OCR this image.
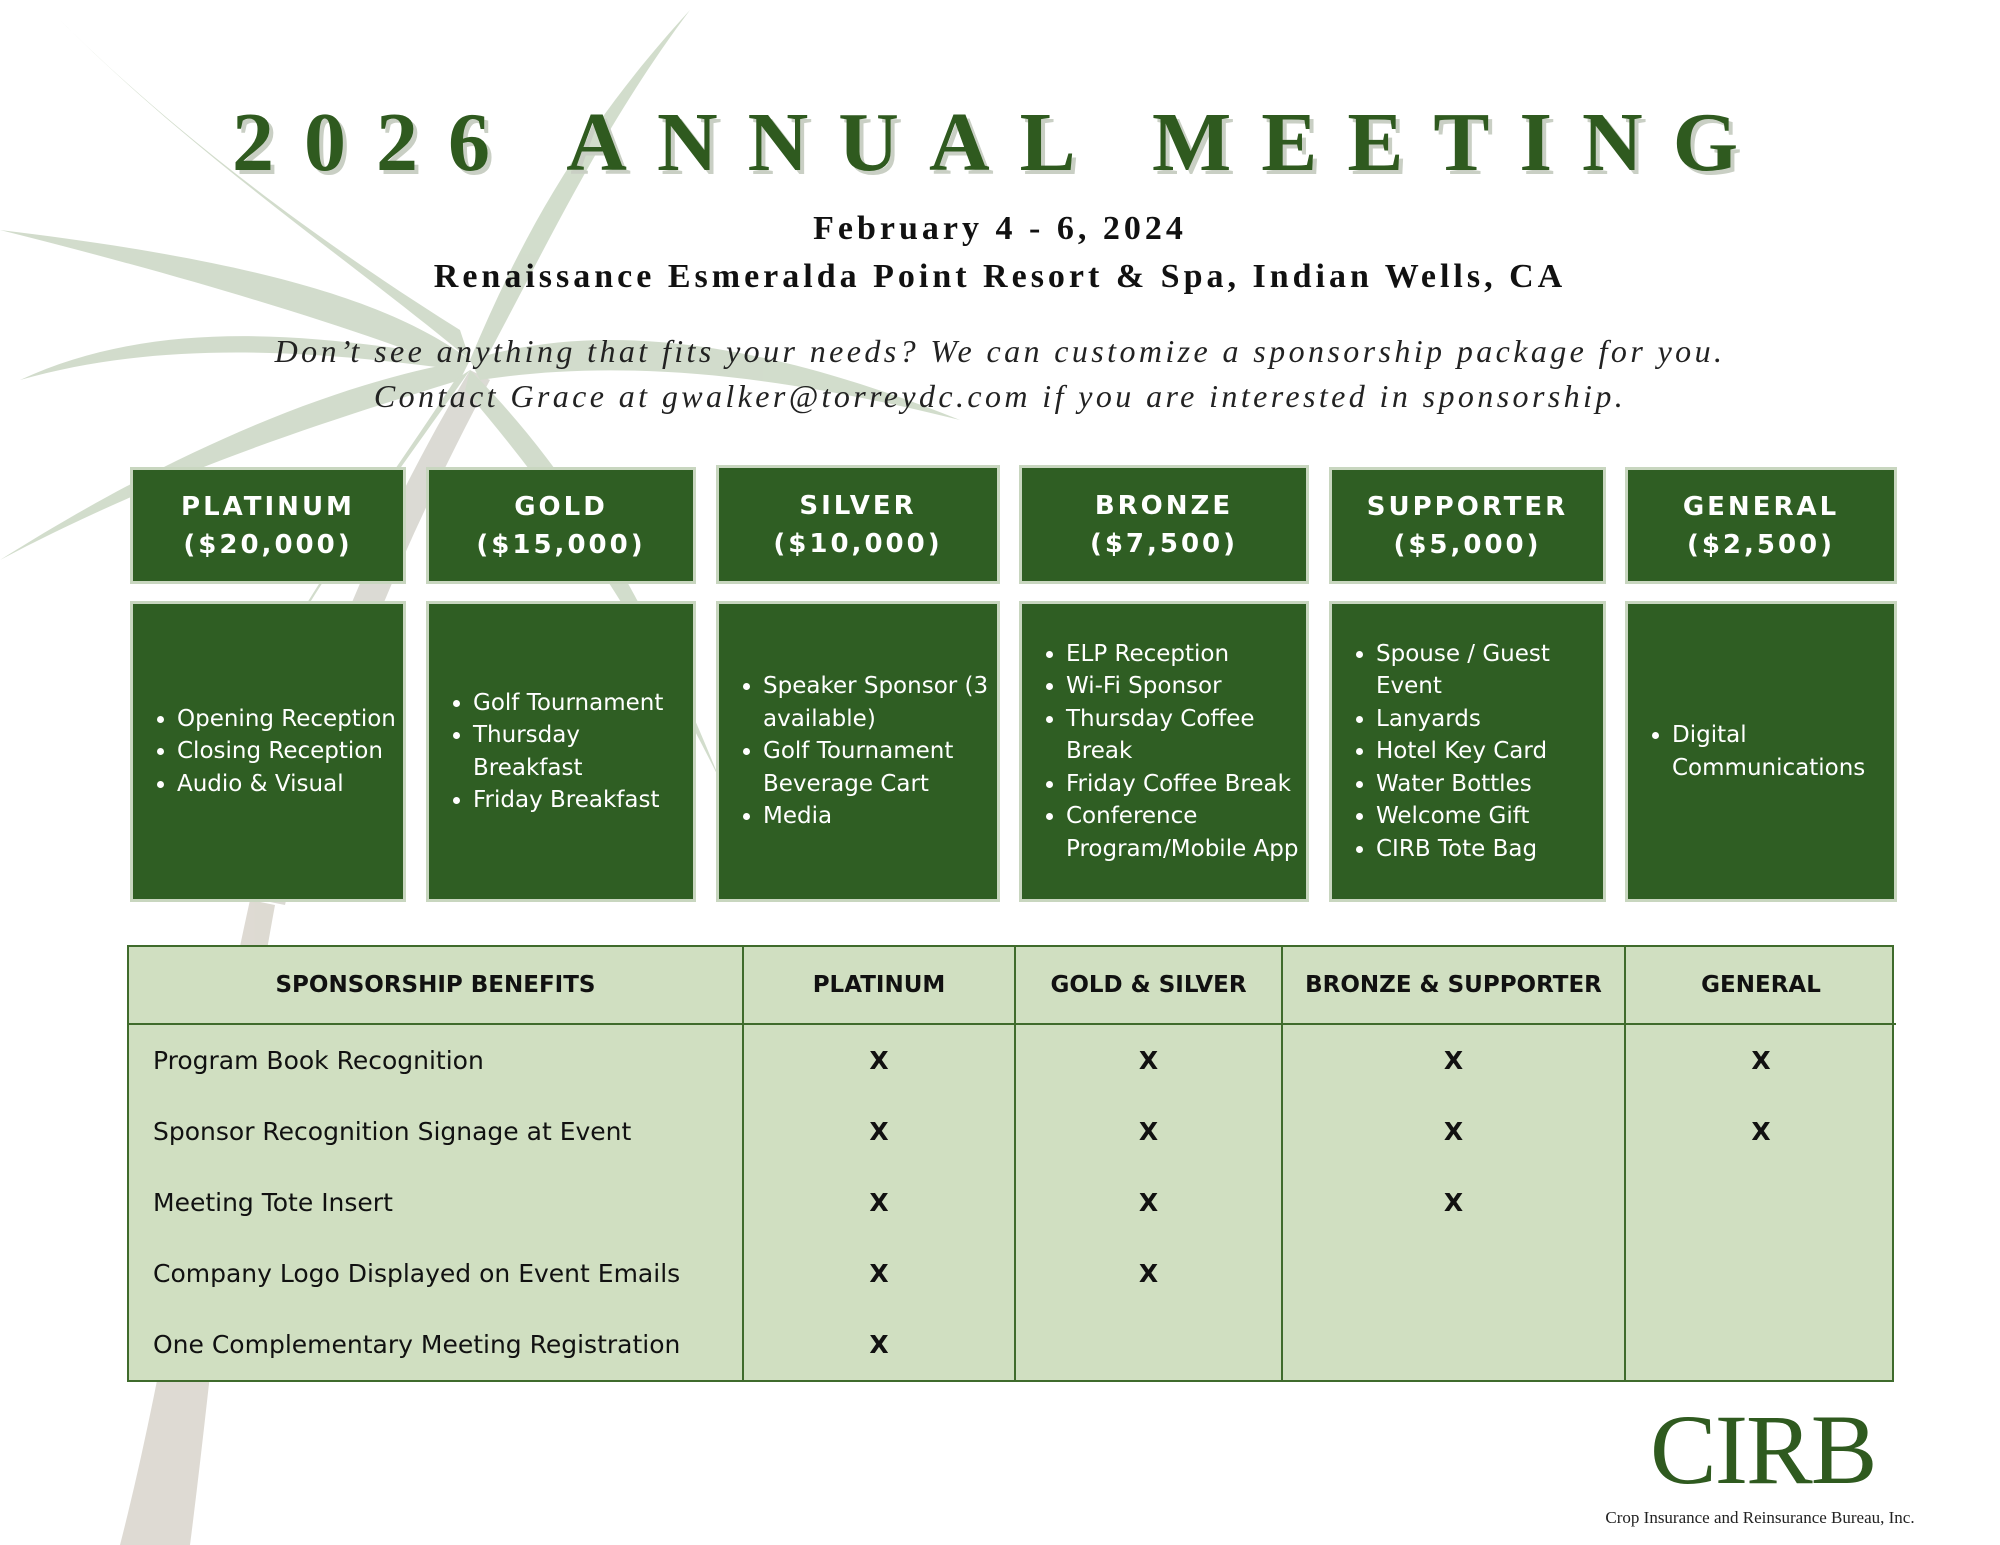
2026 ANNUAL MEETING
February 4 - 6, 2024
Renaissance Esmeralda Point Resort & Spa, Indian Wells, CA
Don’t see anything that fits your needs? We can customize a sponsorship package for you.
Contact Grace at gwalker@torreydc.com if you are interested in sponsorship.
PLATINUM
($20,000)
GOLD
($15,000)
SILVER
($10,000)
BRONZE
($7,500)
SUPPORTER
($5,000)
GENERAL
($2,500)
• Opening Reception
• Closing Reception
• Audio & Visual
• Golf Tournament
• Thursday Breakfast
• Friday Breakfast
• Speaker Sponsor (3 available)
• Golf Tournament Beverage Cart
• Media
• ELP Reception
• Wi-Fi Sponsor
• Thursday Coffee Break
• Friday Coffee Break
• Conference Program/Mobile App
• Spouse / Guest Event
• Lanyards
• Hotel Key Card
• Water Bottles
• Welcome Gift
• CIRB Tote Bag
• Digital Communications
SPONSORSHIP BENEFITS	PLATINUM	GOLD & SILVER	BRONZE & SUPPORTER	GENERAL
Program Book Recognition	X	X	X	X
Sponsor Recognition Signage at Event	X	X	X	X
Meeting Tote Insert	X	X	X	
Company Logo Displayed on Event Emails	X	X		
One Complementary Meeting Registration	X			
CIRB
Crop Insurance and Reinsurance Bureau, Inc.
